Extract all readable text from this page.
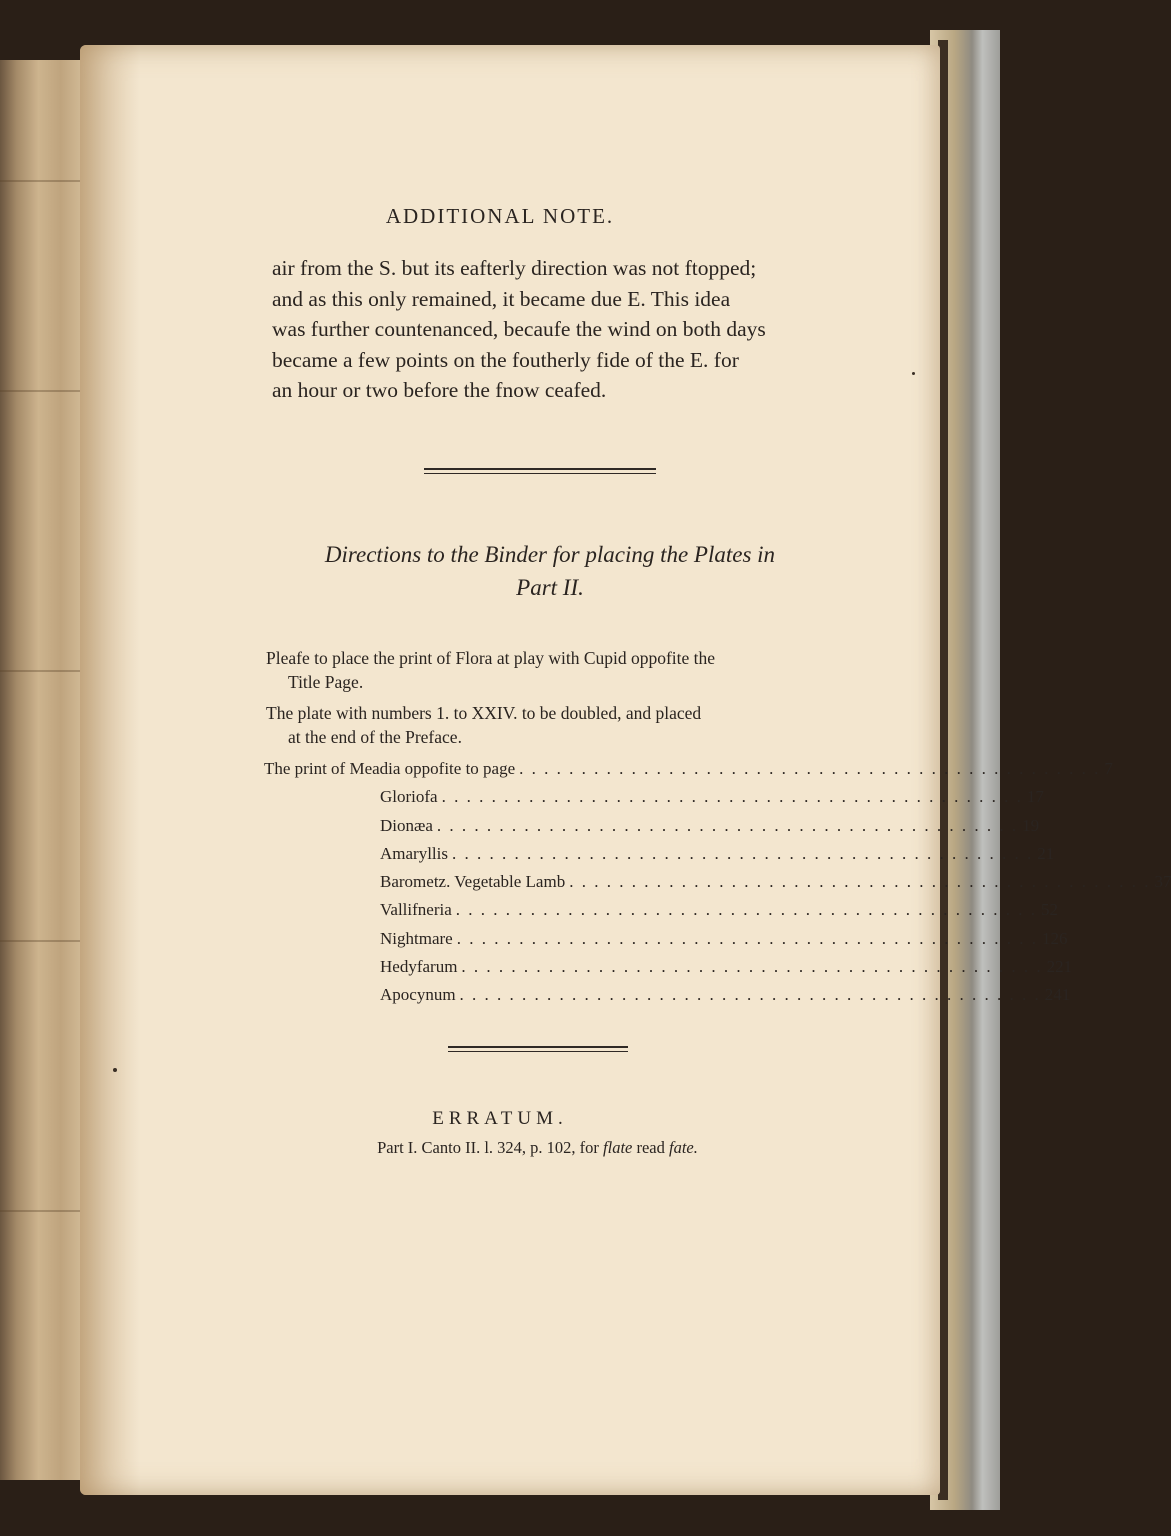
ADDITIONAL NOTE.
air from the S. but its eafterly direction was not ftopped;
and as this only remained, it became due E. This idea
was further countenanced, becaufe the wind on both days
became a few points on the foutherly fide of the E. for
an hour or two before the fnow ceafed.
Directions to the Binder for placing the Plates in
Part II.
Pleafe to place the print of Flora at play with Cupid oppofite the
Title Page.
The plate with numbers 1. to XXIV. to be doubled, and placed
at the end of the Preface.
The print of Meadia oppofite to page . . . . . . . . . . . . . . . . . . . . . . . . . . . . . . . . . . . . . . . . . . . . . . . 7
Gloriofa . . . . . . . . . . . . . . . . . . . . . . . . . . . . . . . . . . . . . . . . . . . . . . . 17
Dionæa . . . . . . . . . . . . . . . . . . . . . . . . . . . . . . . . . . . . . . . . . . . . . . . 19
Amaryllis . . . . . . . . . . . . . . . . . . . . . . . . . . . . . . . . . . . . . . . . . . . . . . . 21
Barometz. Vegetable Lamb . . . . . . . . . . . . . . . . . . . . . . . . . . . . . . . . . . . . . . . . . . . . . . . 37
Vallifneria . . . . . . . . . . . . . . . . . . . . . . . . . . . . . . . . . . . . . . . . . . . . . . . 52
Nightmare . . . . . . . . . . . . . . . . . . . . . . . . . . . . . . . . . . . . . . . . . . . . . . . 126
Hedyfarum . . . . . . . . . . . . . . . . . . . . . . . . . . . . . . . . . . . . . . . . . . . . . . . 221
Apocynum . . . . . . . . . . . . . . . . . . . . . . . . . . . . . . . . . . . . . . . . . . . . . . . 241
ERRATUM.
Part I. Canto II. l. 324, p. 102, for flate read fate.
